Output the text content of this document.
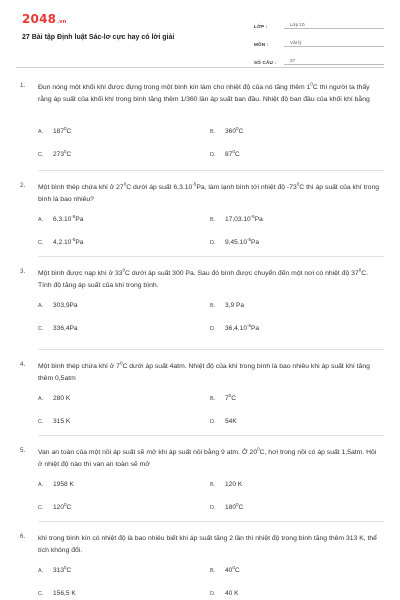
2048.vn
27 Bài tập Định luật Sác-lơ cực hay có lời giải
LỚP :	Lớp 10
MÔN :	Vật lý
SỐ CÂU :	27
1. Đun nóng một khối khí được đựng trong một bình kín làm cho nhiệt độ của nó tăng thêm $1^0C$ thì người ta thấy rằng áp suất của khối khí trong bình tăng thêm 1/360 lần áp suất ban đầu. Nhiệt độ ban đầu của khối khí bằng
A. $187^0C$	B. $360^0C$
C. $273^0C$	D. $87^0C$
2. Một bình thép chứa khí ở $27^0C$ dưới áp suất $6,3.10^{-5}Pa$, làm lạnh bình tới nhiệt độ $-73^0C$ thì áp suất của khí trong bình là bao nhiêu?
A. $6,3.10^{-5}Pa$	B. $17,03.10^{-5}Pa$
C. $4,2.10^{-5}Pa$	D. $9,45.10^{-5}Pa$
3. Một bình được nạp khí ở $33^0C$ dưới áp suất 300 Pa. Sau đó bình được chuyển đến một nơi có nhiệt độ $37^0C$. Tính độ tăng áp suất của khí trong bình.
A. 303,9Pa	B. 3,9 Pa
C. 336,4Pa	D. $36,4.10^{-5}Pa$
4. Một bình thép chứa khí ở $7^0C$ dưới áp suất 4atm. Nhiệt độ của khí trong bình là bao nhiêu khi áp suất khí tăng thêm 0,5atm
A. 280 K	B. $7^0C$
C. 315 K	D. 54K
5. Van an toàn của một nồi áp suất sẽ mở khi áp suất nồi bằng 9 atm. Ở $20^0C$, hơi trong nồi có áp suất 1,5atm. Hỏi ở nhiệt độ nào thì van an toàn sẽ mở
A. 1958 K	B. 120 K
C. $120^0C$	D. $180^0C$
6. khí trong bình kín có nhiệt độ là bao nhiêu biết khi áp suất tăng 2 lần thì nhiệt độ trong bình tăng thêm 313 K, thể tích không đổi.
A. $313^0C$	B. $40^0C$
C. 156,5 K	D. 40 K
